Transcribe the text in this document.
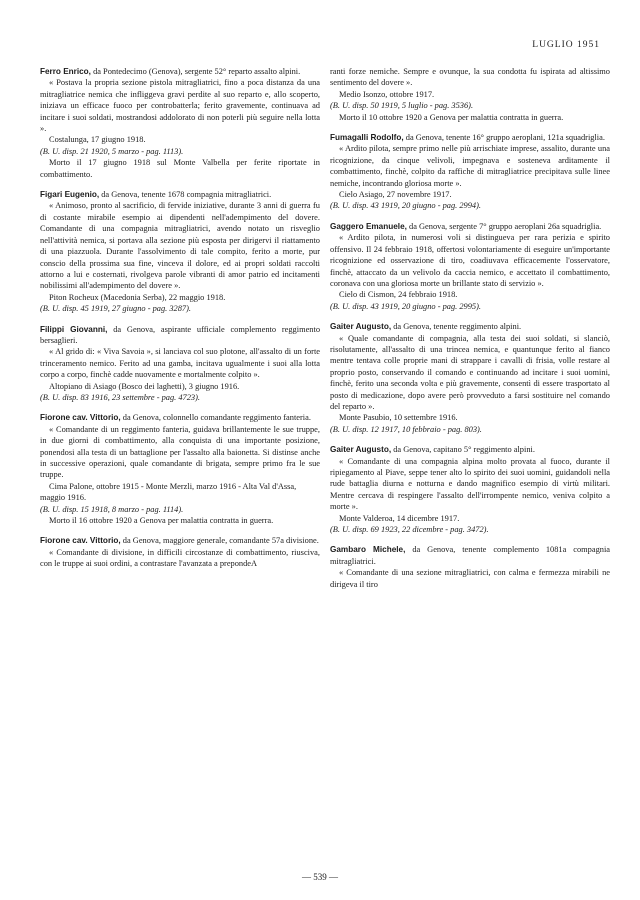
LUGLIO 1951

Ferro Enrico, da Pontedecimo (Genova), sergente 52° reparto assalto alpini.

« Postava la propria sezione pistola mitragliatrici, fino a poca distanza da una mitragliatrice nemica che infliggeva gravi perdite al suo reparto e, allo scoperto, iniziava un efficace fuoco per controbatterla; ferito gravemente, continuava ad incitare i suoi soldati, mostrandosi addolorato di non poterli più seguire nella lotta ».

Costalunga, 17 giugno 1918.

(B. U. disp. 21 1920, 5 marzo - pag. 1113).

Morto il 17 giugno 1918 sul Monte Valbella per ferite riportate in combattimento.

Figari Eugenio, da Genova, tenente 1678 compagnia mitragliatrici.

« Animoso, pronto al sacrificio, di fervide iniziative, durante 3 anni di guerra fu di costante mirabile esempio ai dipendenti nell'adempimento del dovere. Comandante di una compagnia mitragliatrici, avendo notato un risveglio nell'attività nemica, si portava alla sezione più esposta per dirigervi il riattamento di una piazzuola. Durante l'assolvimento di tale compito, ferito a morte, pur conscio della prossima sua fine, vinceva il dolore, ed ai propri soldati raccolti attorno a lui e costernati, rivolgeva parole vibranti di amor patrio ed incitamenti nobilissimi all'adempimento del dovere ».

Piton Rocheux (Macedonia Serba), 22 maggio 1918.

(B. U. disp. 45 1919, 27 giugno - pag. 3287).

Filippi Giovanni, da Genova, aspirante ufficiale complemento reggimento bersaglieri.

« Al grido di: « Viva Savoia », si lanciava col suo plotone, all'assalto di un forte trinceramento nemico. Ferito ad una gamba, incitava ugualmente i suoi alla lotta corpo a corpo, finchè cadde nuovamente e mortalmente colpito ».

Altopiano di Asiago (Bosco dei laghetti), 3 giugno 1916.

(B. U. disp. 83 1916, 23 settembre - pag. 4723).

Fiorone cav. Vittorio, da Genova, colonnello comandante reggimento fanteria.

« Comandante di un reggimento fanteria, guidava brillantemente le sue truppe, in due giorni di combattimento, alla conquista di una importante posizione, ponendosi alla testa di un battaglione per l'assalto alla baionetta. Si distinse anche in successive operazioni, quale comandante di brigata, sempre primo fra le sue truppe.

Cima Palone, ottobre 1915 - Monte Merzli, marzo 1916 - Alta Val d'Assa, maggio 1916.

(B. U. disp. 15 1918, 8 marzo - pag. 1114).

Morto il 16 ottobre 1920 a Genova per malattia contratta in guerra.

Fiorone cav. Vittorio, da Genova, maggiore generale, comandante 57a divisione.

« Comandante di divisione, in difficili circostanze di combattimento, riusciva, con le truppe ai suoi ordini, a contrastare l'avanzata a prepondeA

ranti forze nemiche. Sempre e ovunque, la sua condotta fu ispirata ad altissimo sentimento del dovere ».

Medio Isonzo, ottobre 1917.

(B. U. disp. 50 1919, 5 luglio - pag. 3536).

Morto il 10 ottobre 1920 a Genova per malattia contratta in guerra.

Fumagalli Rodolfo, da Genova, tenente 16° gruppo aeroplani, 121a squadriglia.

« Ardito pilota, sempre primo nelle più arrischiate imprese, assalito, durante una ricognizione, da cinque velivoli, impegnava e sosteneva arditamente il combattimento, finchè, colpito da raffiche di mitragliatrice precipitava sulle linee nemiche, incontrando gloriosa morte ».

Cielo Asiago, 27 novembre 1917.

(B. U. disp. 43 1919, 20 giugno - pag. 2994).

Gaggero Emanuele, da Genova, sergente 7° gruppo aeroplani 26a squadriglia.

« Ardito pilota, in numerosi voli si distingueva per rara perizia e spirito offensivo. Il 24 febbraio 1918, offertosi volontariamente di eseguire un'importante ricognizione ed osservazione di tiro, coadiuvava efficacemente l'osservatore, finchè, attaccato da un velivolo da caccia nemico, e accettato il combattimento, coronava con una gloriosa morte un brillante stato di servizio ».

Cielo di Cismon, 24 febbraio 1918.

(B. U. disp. 43 1919, 20 giugno - pag. 2995).

Gaiter Augusto, da Genova, tenente reggimento alpini.

« Quale comandante di compagnia, alla testa dei suoi soldati, si slanciò, risolutamente, all'assalto di una trincea nemica, e quantunque ferito al fianco mentre tentava colle proprie mani di strappare i cavalli di frisia, volle restare al proprio posto, conservando il comando e continuando ad incitare i suoi uomini, finchè, ferito una seconda volta e più gravemente, consentì di essere trasportato al posto di medicazione, dopo avere però provveduto a farsi sostituire nel comando del reparto ».

Monte Pasubio, 10 settembre 1916.

(B. U. disp. 12 1917, 10 febbraio - pag. 803).

Gaiter Augusto, da Genova, capitano 5° reggimento alpini.

« Comandante di una compagnia alpina molto provata al fuoco, durante il ripiegamento al Piave, seppe tener alto lo spirito dei suoi uomini, guidandoli nella rude battaglia diurna e notturna e dando magnifico esempio di virtù militari. Mentre cercava di respingere l'assalto dell'irrompente nemico, veniva colpito a morte ».

Monte Valderoa, 14 dicembre 1917.

(B. U. disp. 69 1923, 22 dicembre - pag. 3472).

Gambaro Michele, da Genova, tenente complemento 1081a compagnia mitragliatrici.

« Comandante di una sezione mitragliatrici, con calma e fermezza mirabili ne dirigeva il tiro

— 539 —
